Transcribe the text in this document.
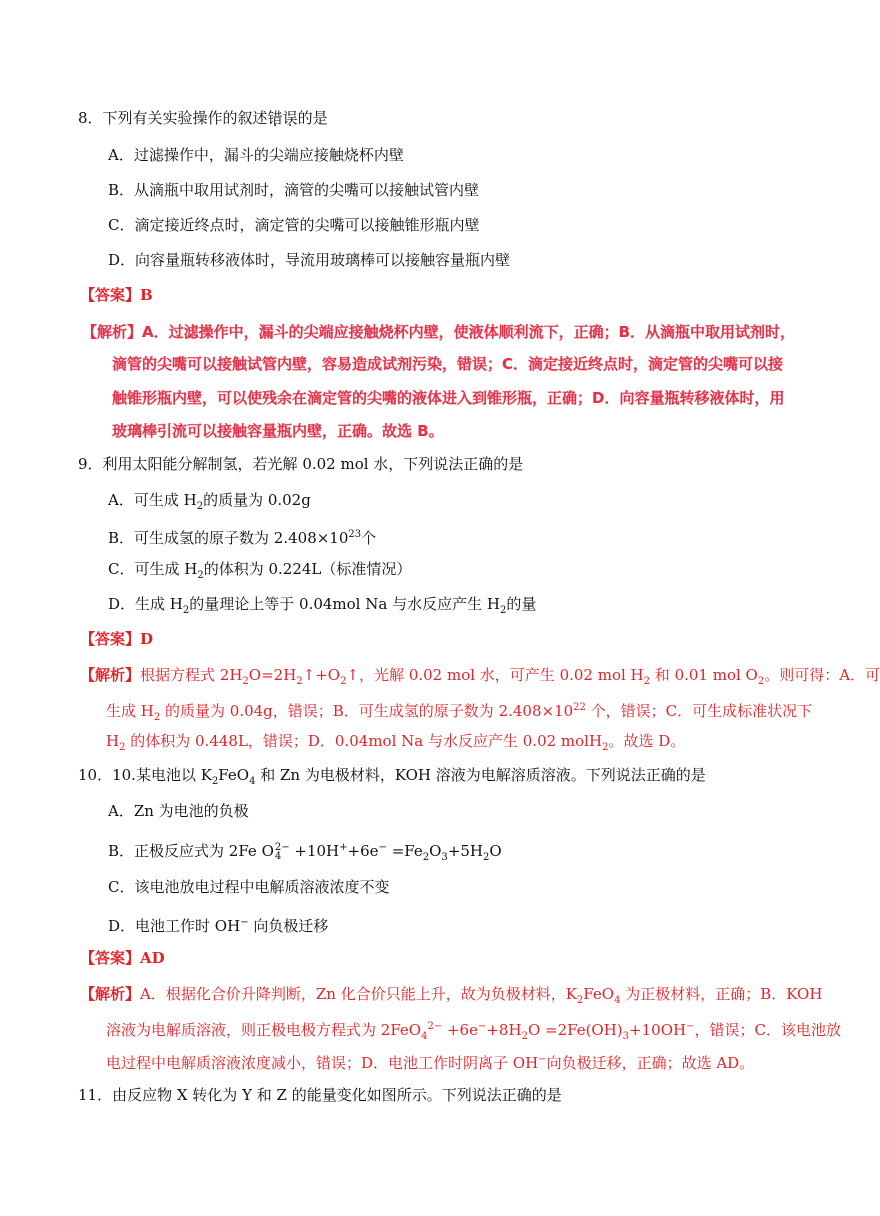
8．下列有关实验操作的叙述错误的是
A．过滤操作中，漏斗的尖端应接触烧杯内壁
B．从滴瓶中取用试剂时，滴管的尖嘴可以接触试管内壁
C．滴定接近终点时，滴定管的尖嘴可以接触锥形瓶内壁
D．向容量瓶转移液体时，导流用玻璃棒可以接触容量瓶内壁
【答案】B
【解析】A．过滤操作中，漏斗的尖端应接触烧杯内壁，使液体顺利流下，正确；B．从滴瓶中取用试剂时，
滴管的尖嘴可以接触试管内壁，容易造成试剂污染，错误；C．滴定接近终点时，滴定管的尖嘴可以接
触锥形瓶内壁，可以使残余在滴定管的尖嘴的液体进入到锥形瓶，正确；D．向容量瓶转移液体时，用
玻璃棒引流可以接触容量瓶内壁，正确。故选 B。
9．利用太阳能分解制氢，若光解 0.02 mol 水，下列说法正确的是
A．可生成 $H_2$的质量为 0.02g
B．可生成氢的原子数为 $2.408\times 10^{23}$个
C．可生成 $H_2$的体积为 0.224L（标准情况）
D．生成 $H_2$的量理论上等于 0.04mol Na 与水反应产生 $H_2$的量
【答案】D
【解析】根据方程式 $2H_2O=2H_2↑+O_2↑$，光解 0.02 mol 水，可产生 0.02 mol $H_2$ 和 0.01 mol $O_2$。则可得：A．可
生成 $H_2$ 的质量为 0.04g，错误；B．可生成氢的原子数为 $2.408\times 10^{22}$ 个，错误；C．可生成标准状况下
$H_2$ 的体积为 0.448L，错误；D．0.04mol Na 与水反应产生 0.02 molH$_2$。故选 D。
10．10.某电池以 $K_2FeO_4$ 和 Zn 为电极材料，KOH 溶液为电解溶质溶液。下列说法正确的是
A．Zn 为电池的负极
B．正极反应式为 2Fe O2−
$4 +10H^++6e^- =Fe_2O_3+5H_2O$
C．该电池放电过程中电解质溶液浓度不变
D．电池工作时 OH− 向负极迁移
【答案】AD
【解析】A．根据化合价升降判断，Zn 化合价只能上升，故为负极材料，$K_2FeO_4$ 为正极材料，正确；B．KOH
溶液为电解质溶液，则正极电极方程式为 $2FeO_4^{2-} +6e^-+8H_2O =2Fe(OH)_3+10OH^-$，错误；C．该电池放
电过程中电解质溶液浓度减小，错误；D．电池工作时阴离子 OH−向负极迁移，正确；故选 AD。
11．由反应物 X 转化为 Y 和 Z 的能量变化如图所示。下列说法正确的是
